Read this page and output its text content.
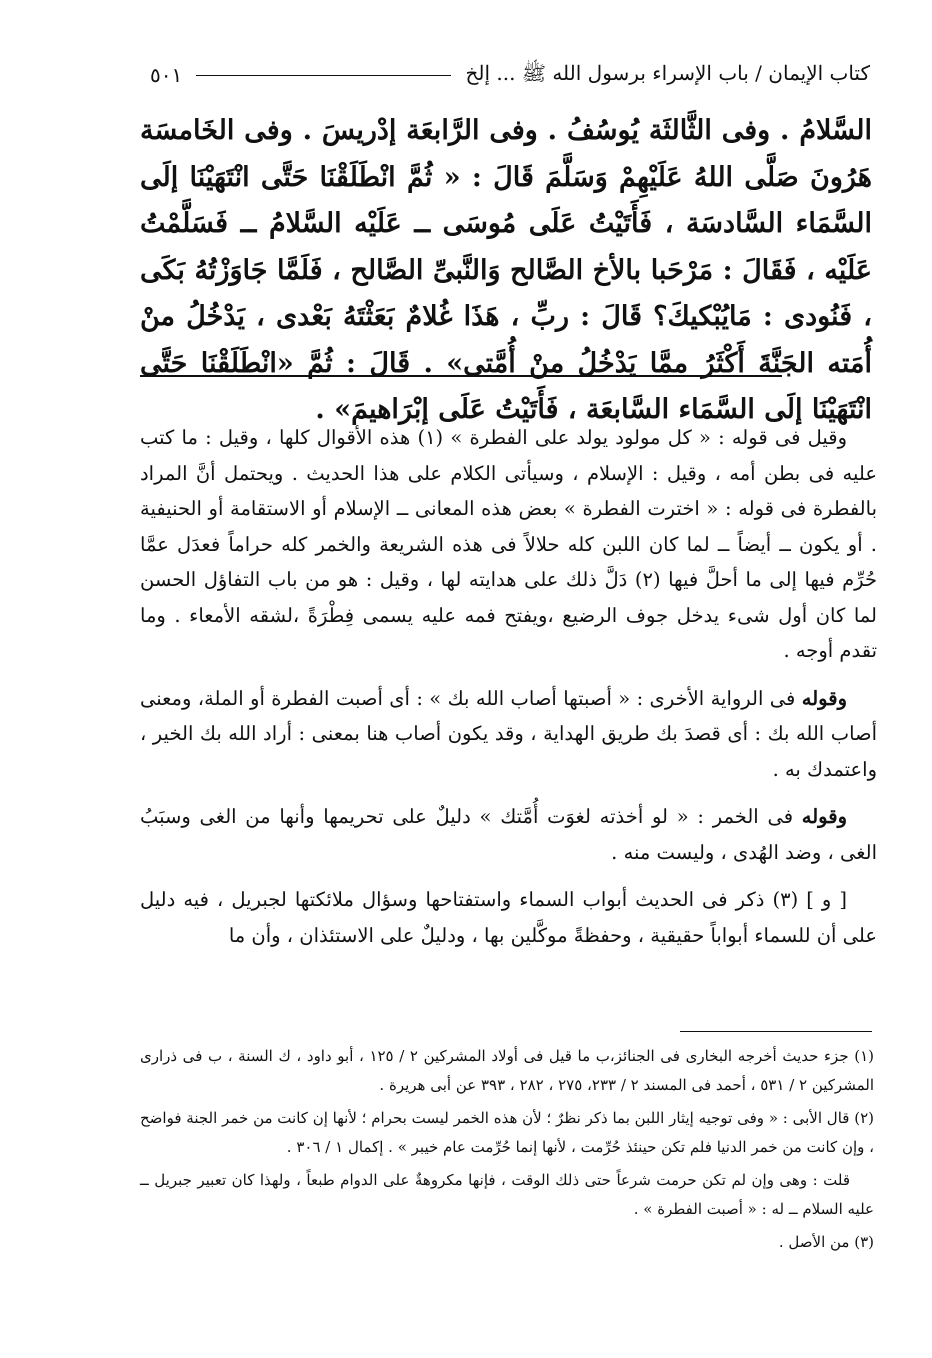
كتاب الإيمان / باب الإسراء برسول الله ﷺ ... إلخ
٥٠١

السَّلامُ . وفى الثَّالثَة يُوسُفُ . وفى الرَّابعَة إدْريسَ . وفى الخَامسَة هَرُونَ صَلَّى اللهُ عَلَيْهِمْ وَسَلَّمَ قَالَ : « ثُمَّ انْطَلَقْنَا حَتَّى انْتَهَيْنَا إلَى السَّمَاء السَّادسَة ، فَأَتَيْتُ عَلَى مُوسَى ــ عَلَيْه السَّلامُ ــ فَسَلَّمْتُ عَلَيْه ، فَقَالَ : مَرْحَبا بالأخ الصَّالح وَالنَّبىِّ الصَّالح ، فَلَمَّا جَاوَزْتُهُ بَكَى ، فَنُودى : مَايُبْكيكَ؟ قَالَ : ربِّ ، هَذَا غُلامٌ بَعَثْتَهُ بَعْدى ، يَدْخُلُ منْ أُمَته الجَنَّةَ أَكْثَرُ ممَّا يَدْخُلُ منْ أُمَّتى» . قَالَ : ثُمَّ «انْطَلَقْنَا حَتَّى انْتَهَيْنَا إلَى السَّمَاء السَّابعَة ، فَأَتَيْتُ عَلَى إبْرَاهيمَ» .

وقيل فى قوله : « كل مولود يولد على الفطرة » (١) هذه الأقوال كلها ، وقيل : ما كتب عليه فى بطن أمه ، وقيل : الإسلام ، وسيأتى الكلام على هذا الحديث . ويحتمل أنَّ المراد بالفطرة فى قوله : « اخترت الفطرة » بعض هذه المعانى ــ الإسلام أو الاستقامة أو الحنيفية . أو يكون ــ أيضاً ــ لما كان اللبن كله حلالاً فى هذه الشريعة والخمر كله حراماً فعدَل عمَّا حُرِّم فيها إلى ما أحلَّ فيها (٢) دَلَّ ذلك على هدايته لها ، وقيل : هو من باب التفاؤل الحسن لما كان أول شىء يدخل جوف الرضيع ،ويفتح فمه عليه يسمى فِطْرَةً ،لشقه الأمعاء . وما تقدم أوجه .

وقوله فى الرواية الأخرى : « أصبتها أصاب الله بك » : أى أصبت الفطرة أو الملة، ومعنى أصاب الله بك : أى قصدَ بك طريق الهداية ، وقد يكون أصاب هنا بمعنى : أراد الله بك الخير ، واعتمدك به .

وقوله فى الخمر : « لو أخذته لغوَت أُمَّتك » دليلٌ على تحريمها وأنها من الغى وسبَبُ الغى ، وضد الهُدى ، وليست منه .

[ و ] (٣) ذكر فى الحديث أبواب السماء واستفتاحها وسؤال ملائكتها لجبريل ، فيه دليل على أن للسماء أبواباً حقيقية ، وحفظةً موكَّلين بها ، ودليلٌ على الاستئذان ، وأن ما

(١) جزء حديث أخرجه البخارى فى الجنائز،ب ما قيل فى أولاد المشركين ٢ / ١٢٥ ، أبو داود ، ك السنة ، ب فى ذرارى المشركين ٢ / ٥٣١ ، أحمد فى المسند ٢ / ٢٣٣، ٢٧٥ ، ٢٨٢ ، ٣٩٣ عن أبى هريرة .

(٢) قال الأبى : « وفى توجيه إيثار اللبن بما ذكر نظرٌ ؛ لأن هذه الخمر ليست بحرام ؛ لأنها إن كانت من خمر الجنة فواضح ، وإن كانت من خمر الدنيا فلم تكن حينئذ حُرِّمت ، لأنها إنما حُرِّمت عام خيبر » . إكمال ١ / ٣٠٦ .

قلت : وهى وإن لم تكن حرمت شرعاً حتى ذلك الوقت ، فإنها مكروهةٌ على الدوام طبعاً ، ولهذا كان تعبير جبريل ــ عليه السلام ــ له : « أصبت الفطرة » .

(٣) من الأصل .
